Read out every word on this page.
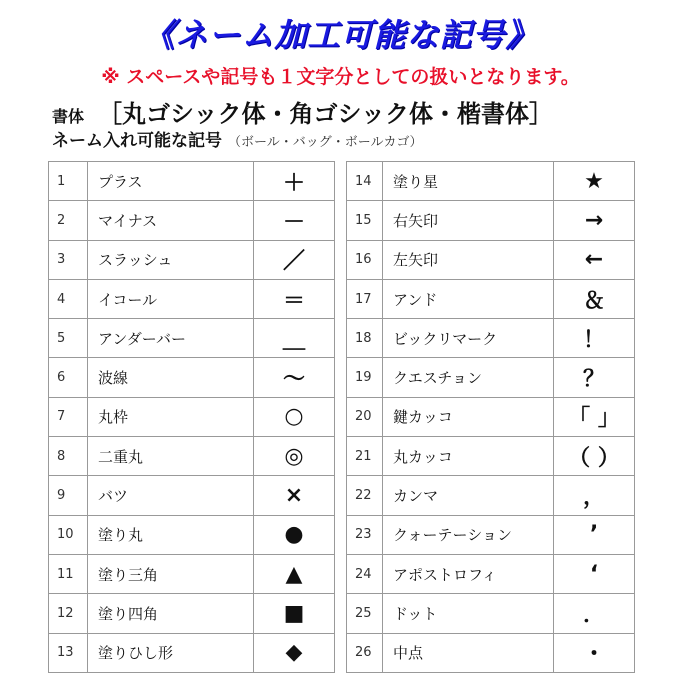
《ネーム加工可能な記号》
※ スペースや記号も１文字分としての扱いとなります。
書体 ［丸ゴシック体・角ゴシック体・楷書体］
ネーム入れ可能な記号 （ボール・バッグ・ボールカゴ）
1	プラス	＋
2	マイナス	－
3	スラッシュ	／
4	イコール	＝
5	アンダーバー	＿
6	波線	～
7	丸枠	○
8	二重丸	◎
9	バツ	×
10	塗り丸	●
11	塗り三角	▲
12	塗り四角	■
13	塗りひし形	◆
14	塗り星	★
15	右矢印	→
16	左矢印	←
17	アンド	＆
18	ビックリマーク	！
19	クエスチョン	？
20	鍵カッコ	「 」
21	丸カッコ	（ ）
22	カンマ	，
23	クォーテーション	’
24	アポストロフィ	‘
25	ドット	．
26	中点	・
